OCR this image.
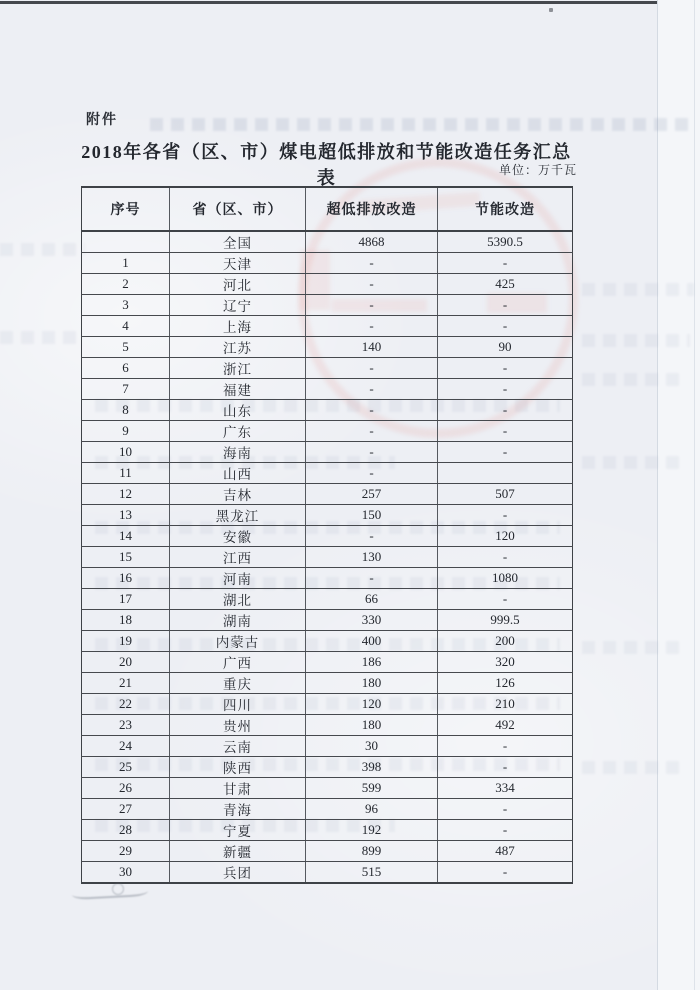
附件
2018年各省（区、市）煤电超低排放和节能改造任务汇总表	单位：万千瓦
序号	省（区、市）	超低排放改造	节能改造
	全国	4868	5390.5
1	天津	-	-
2	河北	-	425
3	辽宁	-	-
4	上海	-	-
5	江苏	140	90
6	浙江	-	-
7	福建	-	-
8	山东	-	-
9	广东	-	-
10	海南	-	-
11	山西	-	
12	吉林	257	507
13	黑龙江	150	-
14	安徽	-	120
15	江西	130	-
16	河南	-	1080
17	湖北	66	-
18	湖南	330	999.5
19	内蒙古	400	200
20	广西	186	320
21	重庆	180	126
22	四川	120	210
23	贵州	180	492
24	云南	30	-
25	陕西	398	-
26	甘肃	599	334
27	青海	96	-
28	宁夏	192	-
29	新疆	899	487
30	兵团	515	-
